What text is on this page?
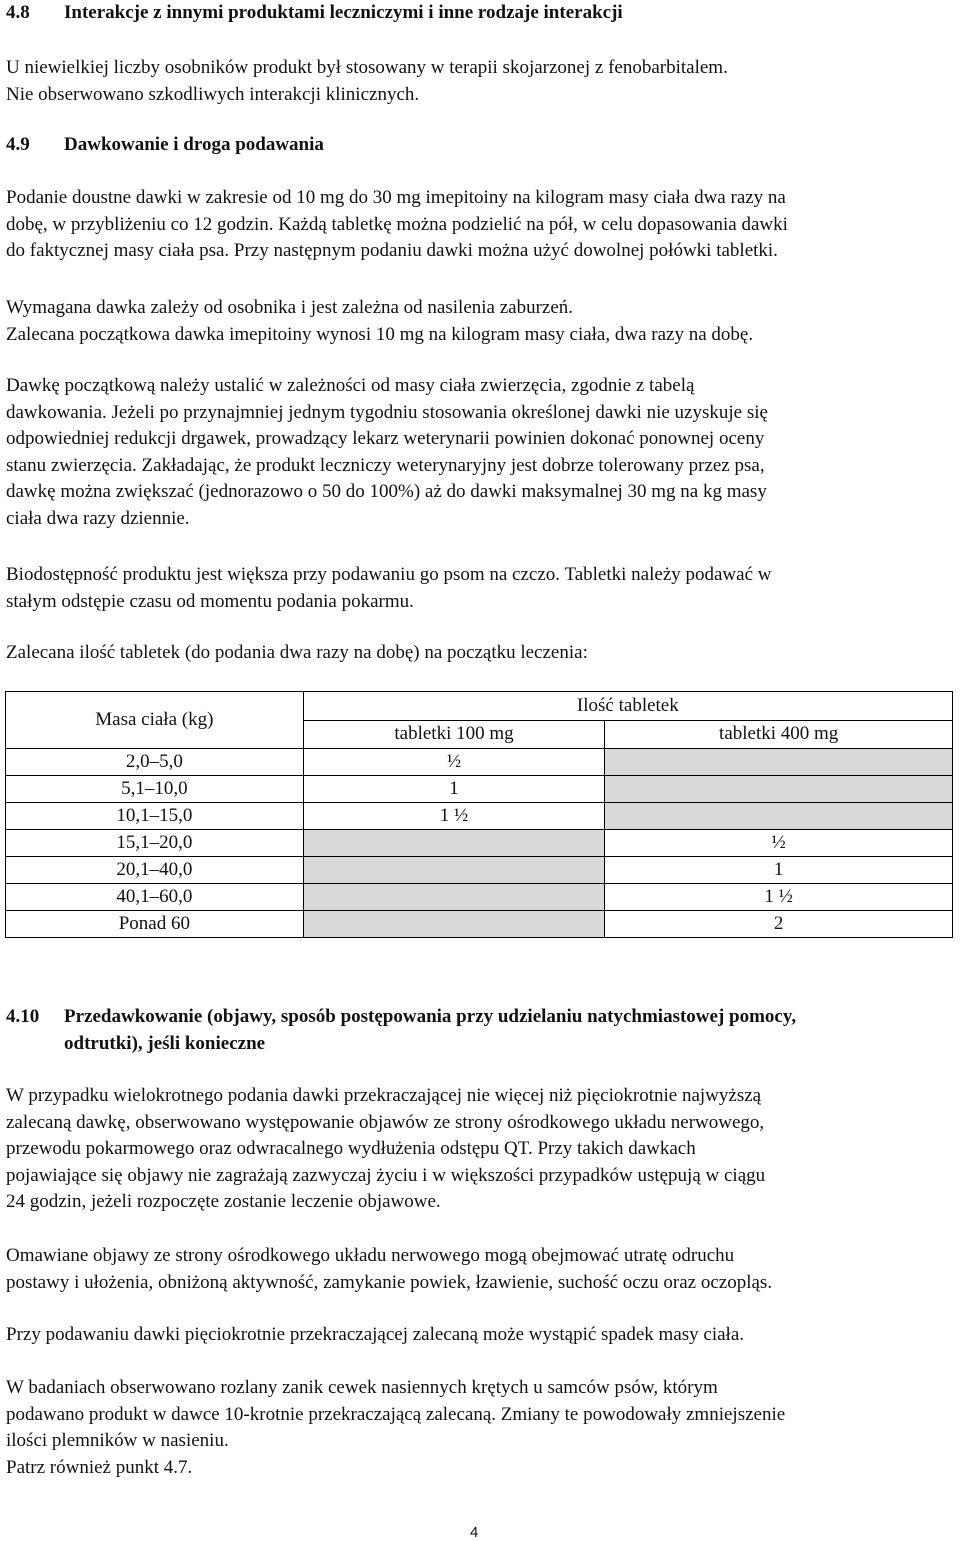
4.8 Interakcje z innymi produktami leczniczymi i inne rodzaje interakcji
U niewielkiej liczby osobników produkt był stosowany w terapii skojarzonej z fenobarbitalem.
Nie obserwowano szkodliwych interakcji klinicznych.
4.9 Dawkowanie i droga podawania
Podanie doustne dawki w zakresie od 10 mg do 30 mg imepitoiny na kilogram masy ciała dwa razy na
dobę, w przybliżeniu co 12 godzin. Każdą tabletkę można podzielić na pół, w celu dopasowania dawki
do faktycznej masy ciała psa. Przy następnym podaniu dawki można użyć dowolnej połówki tabletki.
Wymagana dawka zależy od osobnika i jest zależna od nasilenia zaburzeń.
Zalecana początkowa dawka imepitoiny wynosi 10 mg na kilogram masy ciała, dwa razy na dobę.
Dawkę początkową należy ustalić w zależności od masy ciała zwierzęcia, zgodnie z tabelą
dawkowania. Jeżeli po przynajmniej jednym tygodniu stosowania określonej dawki nie uzyskuje się
odpowiedniej redukcji drgawek, prowadzący lekarz weterynarii powinien dokonać ponownej oceny
stanu zwierzęcia. Zakładając, że produkt leczniczy weterynaryjny jest dobrze tolerowany przez psa,
dawkę można zwiększać (jednorazowo o 50 do 100%) aż do dawki maksymalnej 30 mg na kg masy
ciała dwa razy dziennie.
Biodostępność produktu jest większa przy podawaniu go psom na czczo. Tabletki należy podawać w
stałym odstępie czasu od momentu podania pokarmu.
Zalecana ilość tabletek (do podania dwa razy na dobę) na początku leczenia:
Masa ciała (kg)	Ilość tabletek	
	tabletki 100 mg	tabletki 400 mg
2,0–5,0	½	
5,1–10,0	1	
10,1–15,0	1 ½	
15,1–20,0		½
20,1–40,0		1
40,1–60,0		1 ½
Ponad 60		2
4.10 Przedawkowanie (objawy, sposób postępowania przy udzielaniu natychmiastowej pomocy,
odtrutki), jeśli konieczne
W przypadku wielokrotnego podania dawki przekraczającej nie więcej niż pięciokrotnie najwyższą
zalecaną dawkę, obserwowano występowanie objawów ze strony ośrodkowego układu nerwowego,
przewodu pokarmowego oraz odwracalnego wydłużenia odstępu QT. Przy takich dawkach
pojawiające się objawy nie zagrażają zazwyczaj życiu i w większości przypadków ustępują w ciągu
24 godzin, jeżeli rozpoczęte zostanie leczenie objawowe.
Omawiane objawy ze strony ośrodkowego układu nerwowego mogą obejmować utratę odruchu
postawy i ułożenia, obniżoną aktywność, zamykanie powiek, łzawienie, suchość oczu oraz oczopląs.
Przy podawaniu dawki pięciokrotnie przekraczającej zalecaną może wystąpić spadek masy ciała.
W badaniach obserwowano rozlany zanik cewek nasiennych krętych u samców psów, którym
podawano produkt w dawce 10-krotnie przekraczającą zalecaną. Zmiany te powodowały zmniejszenie
ilości plemników w nasieniu.
Patrz również punkt 4.7.
4
